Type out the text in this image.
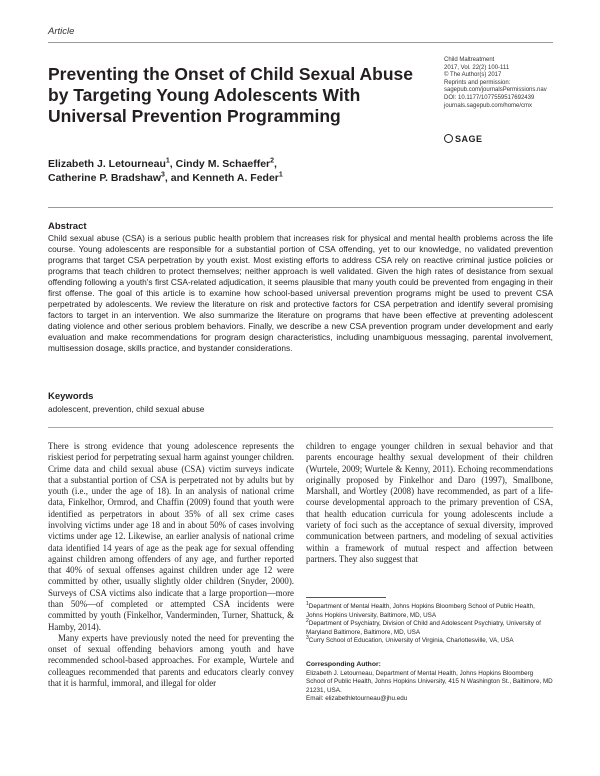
Article
Preventing the Onset of Child Sexual Abuse by Targeting Young Adolescents With Universal Prevention Programming
Child Maltreatment
2017, Vol. 22(2) 100-111
© The Author(s) 2017
Reprints and permission:
sagepub.com/journalsPermissions.nav
DOI: 10.1177/1077559517692439
journals.sagepub.com/home/cmx
SAGE
Elizabeth J. Letourneau$^1$, Cindy M. Schaeffer$^2$,
Catherine P. Bradshaw$^3$, and Kenneth A. Feder$^1$
Abstract
Child sexual abuse (CSA) is a serious public health problem that increases risk for physical and mental health problems across the life course. Young adolescents are responsible for a substantial portion of CSA offending, yet to our knowledge, no validated prevention programs that target CSA perpetration by youth exist. Most existing efforts to address CSA rely on reactive criminal justice policies or programs that teach children to protect themselves; neither approach is well validated. Given the high rates of desistance from sexual offending following a youth's first CSA-related adjudication, it seems plausible that many youth could be prevented from engaging in their first offense. The goal of this article is to examine how school-based universal prevention programs might be used to prevent CSA perpetrated by adolescents. We review the literature on risk and protective factors for CSA perpetration and identify several promising factors to target in an intervention. We also summarize the literature on programs that have been effective at preventing adolescent dating violence and other serious problem behaviors. Finally, we describe a new CSA prevention program under development and early evaluation and make recommendations for program design characteristics, including unambiguous messaging, parental involvement, multisession dosage, skills practice, and bystander considerations.
Keywords
adolescent, prevention, child sexual abuse

There is strong evidence that young adolescence represents the riskiest period for perpetrating sexual harm against younger children. Crime data and child sexual abuse (CSA) victim surveys indicate that a substantial portion of CSA is perpetrated not by adults but by youth (i.e., under the age of 18). In an analysis of national crime data, Finkelhor, Ormrod, and Chaffin (2009) found that youth were identified as perpetrators in about 35% of all sex crime cases involving victims under age 18 and in about 50% of cases involving victims under age 12. Likewise, an earlier analysis of national crime data identified 14 years of age as the peak age for sexual offending against children among offenders of any age, and further reported that 40% of sexual offenses against children under age 12 were committed by other, usually slightly older children (Snyder, 2000). Surveys of CSA victims also indicate that a large proportion—more than 50%—of completed or attempted CSA incidents were committed by youth (Finkelhor, Vanderminden, Turner, Shattuck, & Hamby, 2014).

Many experts have previously noted the need for preventing the onset of sexual offending behaviors among youth and have recommended school-based approaches. For example, Wurtele and colleagues recommended that parents and educators clearly convey that it is harmful, immoral, and illegal for older

children to engage younger children in sexual behavior and that parents encourage healthy sexual development of their children (Wurtele, 2009; Wurtele & Kenny, 2011). Echoing recommendations originally proposed by Finkelhor and Daro (1997), Smallbone, Marshall, and Wortley (2008) have recommended, as part of a life-course developmental approach to the primary prevention of CSA, that health education curricula for young adolescents include a variety of foci such as the acceptance of sexual diversity, improved communication between partners, and modeling of sexual activities within a framework of mutual respect and affection between partners. They also suggest that

$^1$Department of Mental Health, Johns Hopkins Bloomberg School of Public Health, Johns Hopkins University, Baltimore, MD, USA
$^2$Department of Psychiatry, Division of Child and Adolescent Psychiatry, University of Maryland Baltimore, Baltimore, MD, USA
$^3$Curry School of Education, University of Virginia, Charlottesville, VA, USA
Corresponding Author:
Elizabeth J. Letourneau, Department of Mental Health, Johns Hopkins Bloomberg School of Public Health, Johns Hopkins University, 415 N Washington St., Baltimore, MD 21231, USA.
Email: elizabethletourneau@jhu.edu
